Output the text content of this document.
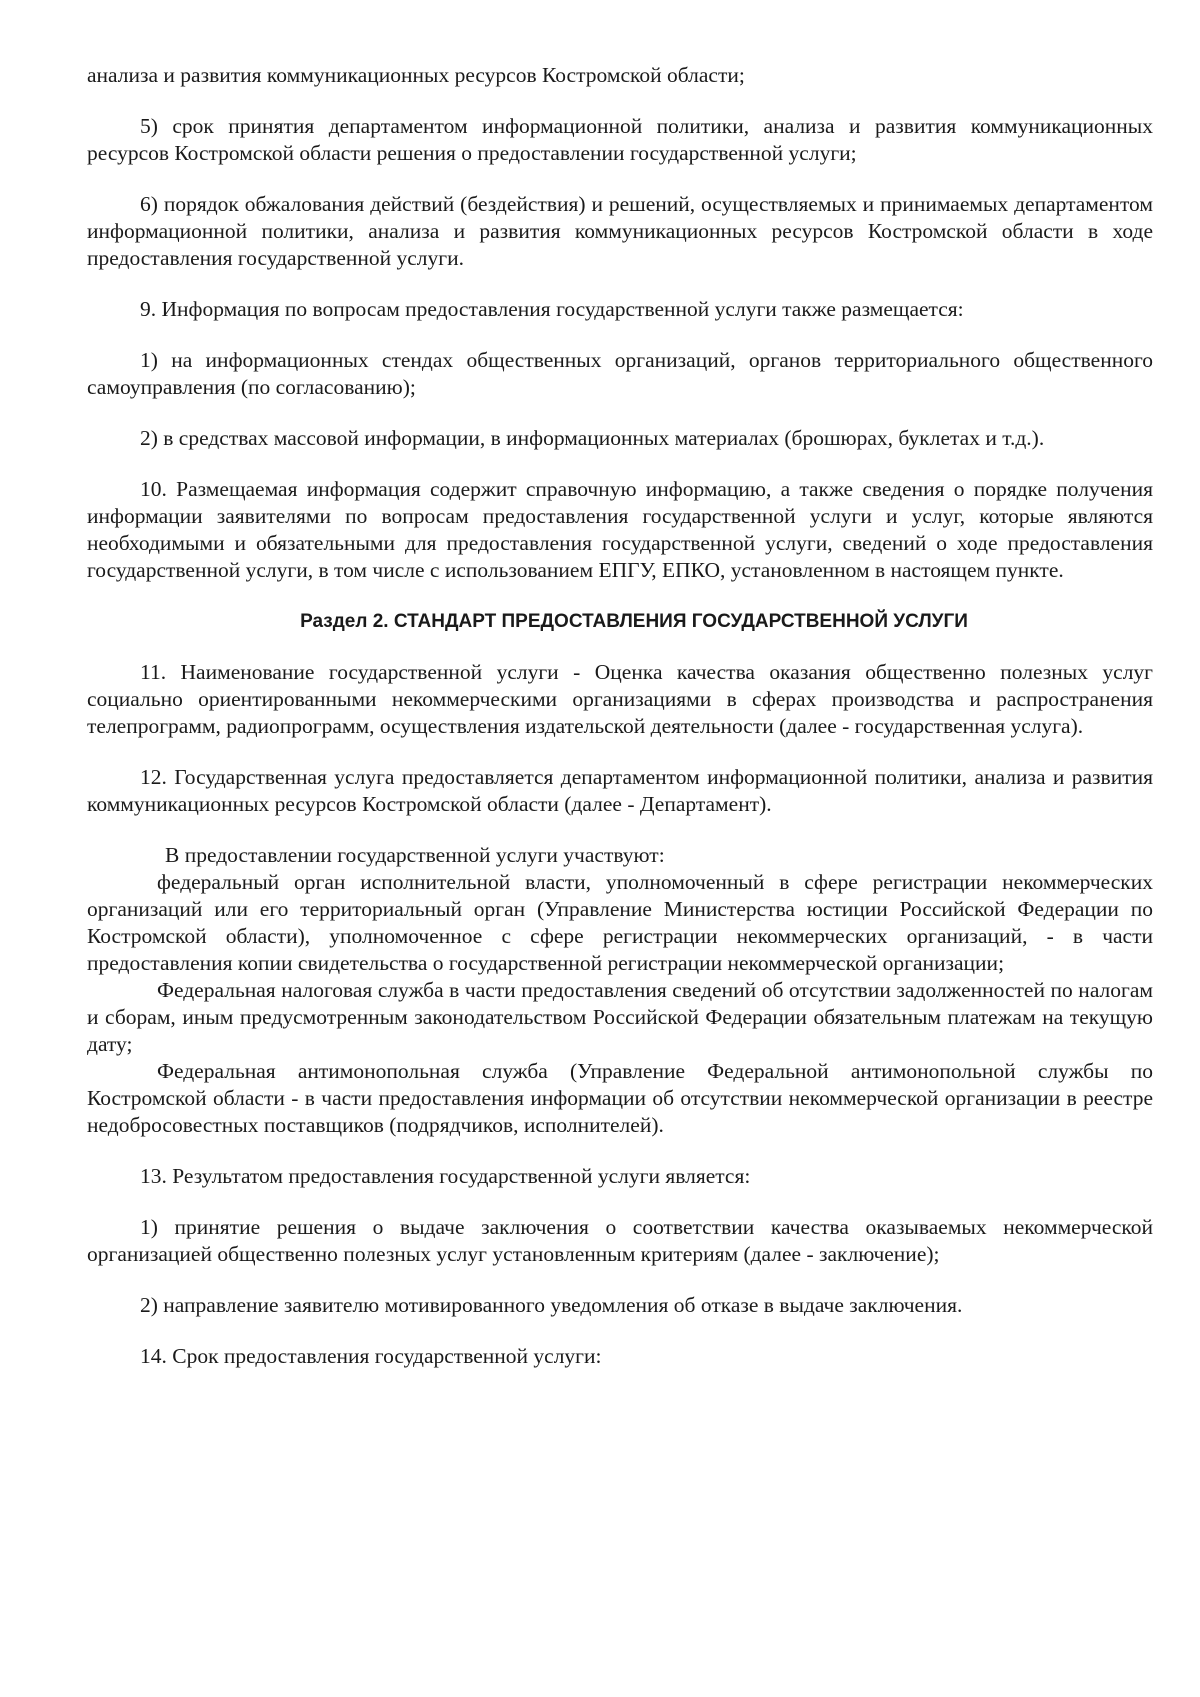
анализа и развития коммуникационных ресурсов Костромской области;

5) срок принятия департаментом информационной политики, анализа и развития коммуникационных ресурсов Костромской области решения о предоставлении государственной услуги;

6) порядок обжалования действий (бездействия) и решений, осуществляемых и принимаемых департаментом информационной политики, анализа и развития коммуникационных ресурсов Костромской области в ходе предоставления государственной услуги.

9. Информация по вопросам предоставления государственной услуги также размещается:

1) на информационных стендах общественных организаций, органов территориального общественного самоуправления (по согласованию);

2) в средствах массовой информации, в информационных материалах (брошюрах, буклетах и т.д.).

10. Размещаемая информация содержит справочную информацию, а также сведения о порядке получения информации заявителями по вопросам предоставления государственной услуги и услуг, которые являются необходимыми и обязательными для предоставления государственной услуги, сведений о ходе предоставления государственной услуги, в том числе с использованием ЕПГУ, ЕПКО, установленном в настоящем пункте.

Раздел 2. СТАНДАРТ ПРЕДОСТАВЛЕНИЯ ГОСУДАРСТВЕННОЙ УСЛУГИ

11. Наименование государственной услуги - Оценка качества оказания общественно полезных услуг социально ориентированными некоммерческими организациями в сферах производства и распространения телепрограмм, радиопрограмм, осуществления издательской деятельности (далее - государственная услуга).

12. Государственная услуга предоставляется департаментом информационной политики, анализа и развития коммуникационных ресурсов Костромской области (далее - Департамент).

В предоставлении государственной услуги участвуют:

федеральный орган исполнительной власти, уполномоченный в сфере регистрации некоммерческих организаций или его территориальный орган (Управление Министерства юстиции Российской Федерации по Костромской области), уполномоченное с сфере регистрации некоммерческих организаций, - в части предоставления копии свидетельства о государственной регистрации некоммерческой организации;

Федеральная налоговая служба в части предоставления сведений об отсутствии задолженностей по налогам и сборам, иным предусмотренным законодательством Российской Федерации обязательным платежам на текущую дату;

Федеральная антимонопольная служба (Управление Федеральной антимонопольной службы по Костромской области - в части предоставления информации об отсутствии некоммерческой организации в реестре недобросовестных поставщиков (подрядчиков, исполнителей).

13. Результатом предоставления государственной услуги является:

1) принятие решения о выдаче заключения о соответствии качества оказываемых некоммерческой организацией общественно полезных услуг установленным критериям (далее - заключение);

2) направление заявителю мотивированного уведомления об отказе в выдаче заключения.

14. Срок предоставления государственной услуги:
